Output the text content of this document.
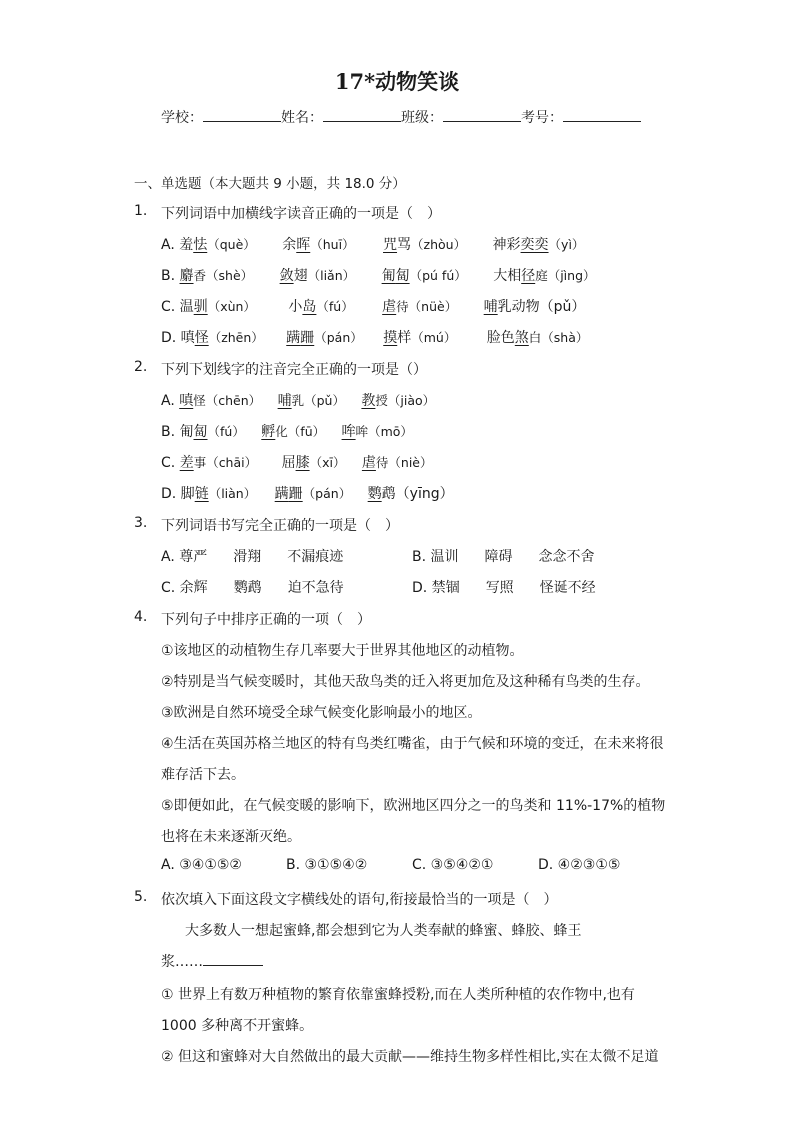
17*动物笑谈
学校：	姓名：	班级：	考号：
一、单选题（本大题共 9 小题，共 18.0 分）
1. 下列词语中加横线字读音正确的一项是（　）
A. 羞怯（què） 余晖（huī） 咒骂（zhòu） 神彩奕奕（yì）
B. 麝香（shè） 敛翅（liǎn） 匍匐（pú fú） 大相径庭（jìng）
C. 温驯（xùn） 小岛（fú） 虐待（nüè） 哺乳动物（pǔ）
D. 嗔怪（zhēn） 蹒跚（pán） 摸样（mú） 脸色煞白（shà）
2. 下列下划线字的注音完全正确的一项是（）
A. 嗔怪（chēn） 哺乳（pǔ） 教授（jiào）
B. 匍匐（fú） 孵化（fū） 哞哞（mō）
C. 差事（chāi） 屈膝（xī） 虐待（niè）
D. 脚链（liàn） 蹒跚（pán） 鹦鹉（yīng）
3. 下列词语书写完全正确的一项是（　）
A. 尊严 滑翔 不漏痕迹	B. 温训 障碍 念念不舍
C. 余辉 鹦鹉 迫不急待	D. 禁锢 写照 怪诞不经
4. 下列句子中排序正确的一项（　）
①该地区的动植物生存几率要大于世界其他地区的动植物。
②特别是当气候变暖时，其他天敌鸟类的迁入将更加危及这种稀有鸟类的生存。
③欧洲是自然环境受全球气候变化影响最小的地区。
④生活在英国苏格兰地区的特有鸟类红嘴雀，由于气候和环境的变迁，在未来将很
难存活下去。
⑤即便如此，在气候变暖的影响下，欧洲地区四分之一的鸟类和 11%-17%的植物
也将在未来逐渐灭绝。
A. ③④①⑤②	B. ③①⑤④②	C. ③⑤④②①	D. ④②③①⑤
5. 依次填入下面这段文字横线处的语句,衔接最恰当的一项是（　）
大多数人一想起蜜蜂,都会想到它为人类奉献的蜂蜜、蜂胶、蜂王
浆……
① 世界上有数万种植物的繁育依靠蜜蜂授粉,而在人类所种植的农作物中,也有
1000 多种离不开蜜蜂。
② 但这和蜜蜂对大自然做出的最大贡献——维持生物多样性相比,实在太微不足道
